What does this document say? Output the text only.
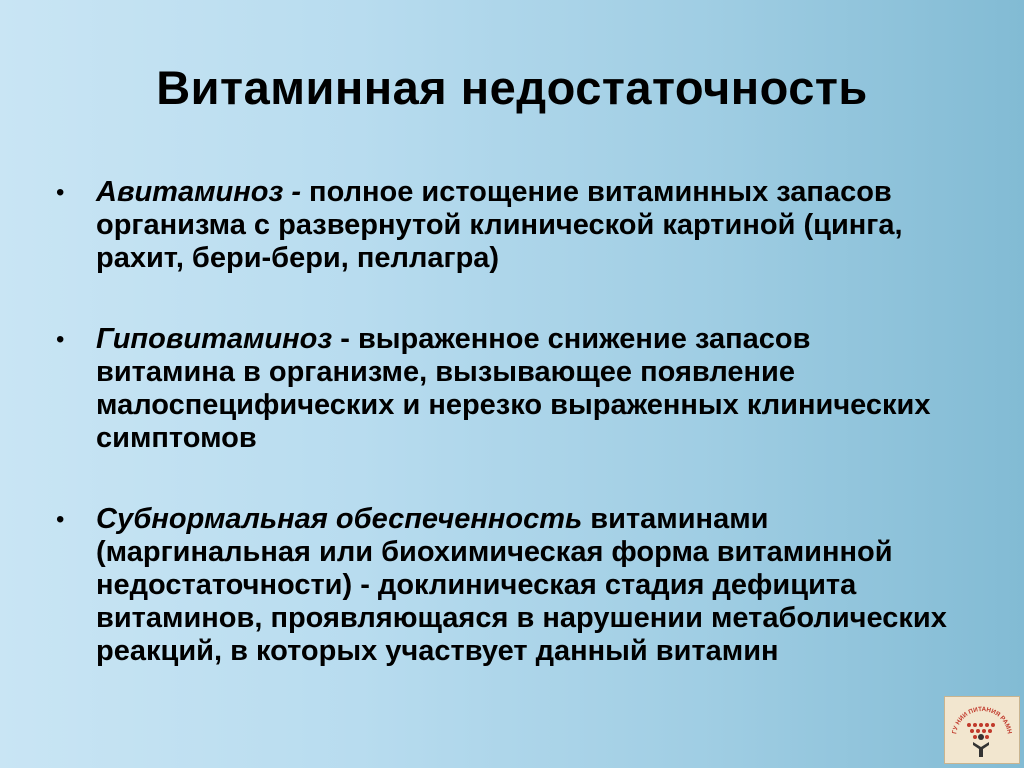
Витаминная недостаточность
• Авитаминоз - полное истощение витаминных запасов организма с развернутой клинической картиной (цинга, рахит, бери-бери, пеллагра)
• Гиповитаминоз - выраженное снижение запасов витамина в организме, вызывающее появление малоспецифических и нерезко выраженных клинических симптомов
• Субнормальная обеспеченность витаминами (маргинальная или биохимическая форма витаминной недостаточности) - доклиническая стадия дефицита витаминов, проявляющаяся в нарушении метаболических реакций, в которых участвует данный витамин
ГУ НИИ ПИТАНИЯ РАМН
